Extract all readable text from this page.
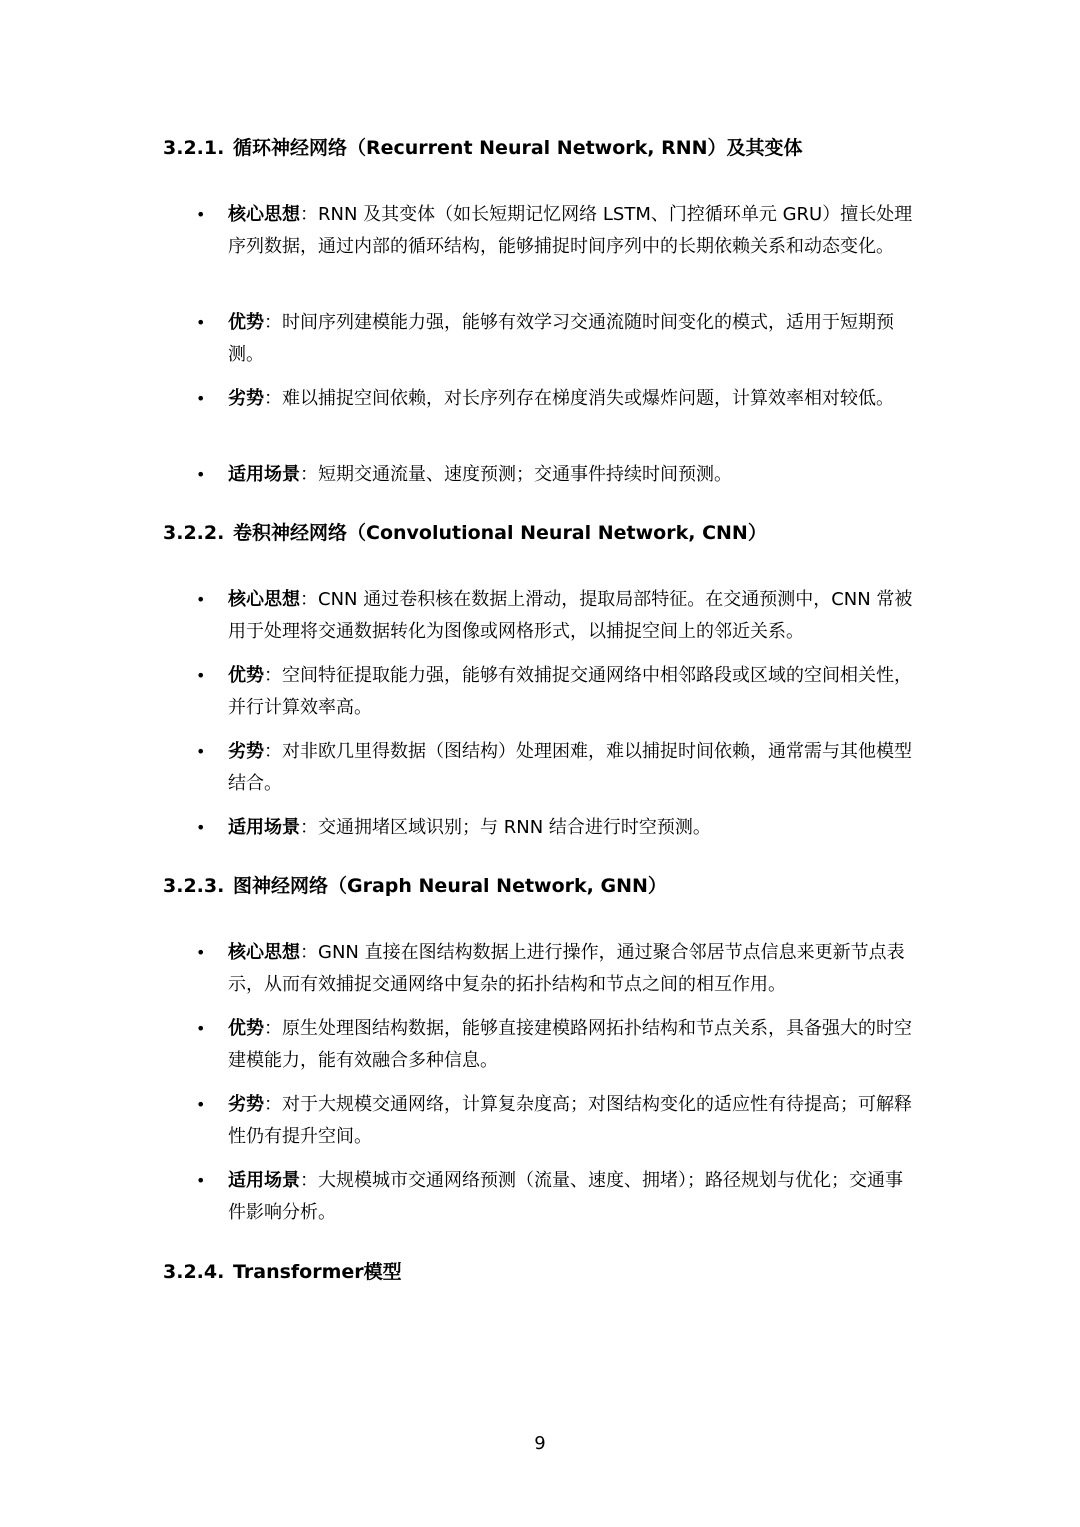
3.2.1. 循环神经网络（Recurrent Neural Network, RNN）及其变体
• 核心思想：RNN 及其变体（如长短期记忆网络 LSTM、门控循环单元 GRU）擅长处理序列数据，通过内部的循环结构，能够捕捉时间序列中的长期依赖关系和动态变化。
• 优势：时间序列建模能力强，能够有效学习交通流随时间变化的模式，适用于短期预测。
• 劣势：难以捕捉空间依赖，对长序列存在梯度消失或爆炸问题，计算效率相对较低。
• 适用场景：短期交通流量、速度预测；交通事件持续时间预测。
3.2.2. 卷积神经网络（Convolutional Neural Network, CNN）
• 核心思想：CNN 通过卷积核在数据上滑动，提取局部特征。在交通预测中，CNN 常被用于处理将交通数据转化为图像或网格形式，以捕捉空间上的邻近关系。
• 优势：空间特征提取能力强，能够有效捕捉交通网络中相邻路段或区域的空间相关性，并行计算效率高。
• 劣势：对非欧几里得数据（图结构）处理困难，难以捕捉时间依赖，通常需与其他模型结合。
• 适用场景：交通拥堵区域识别；与 RNN 结合进行时空预测。
3.2.3. 图神经网络（Graph Neural Network, GNN）
• 核心思想：GNN 直接在图结构数据上进行操作，通过聚合邻居节点信息来更新节点表示，从而有效捕捉交通网络中复杂的拓扑结构和节点之间的相互作用。
• 优势：原生处理图结构数据，能够直接建模路网拓扑结构和节点关系，具备强大的时空建模能力，能有效融合多种信息。
• 劣势：对于大规模交通网络，计算复杂度高；对图结构变化的适应性有待提高；可解释性仍有提升空间。
• 适用场景：大规模城市交通网络预测（流量、速度、拥堵）；路径规划与优化；交通事件影响分析。
3.2.4. Transformer模型
9
